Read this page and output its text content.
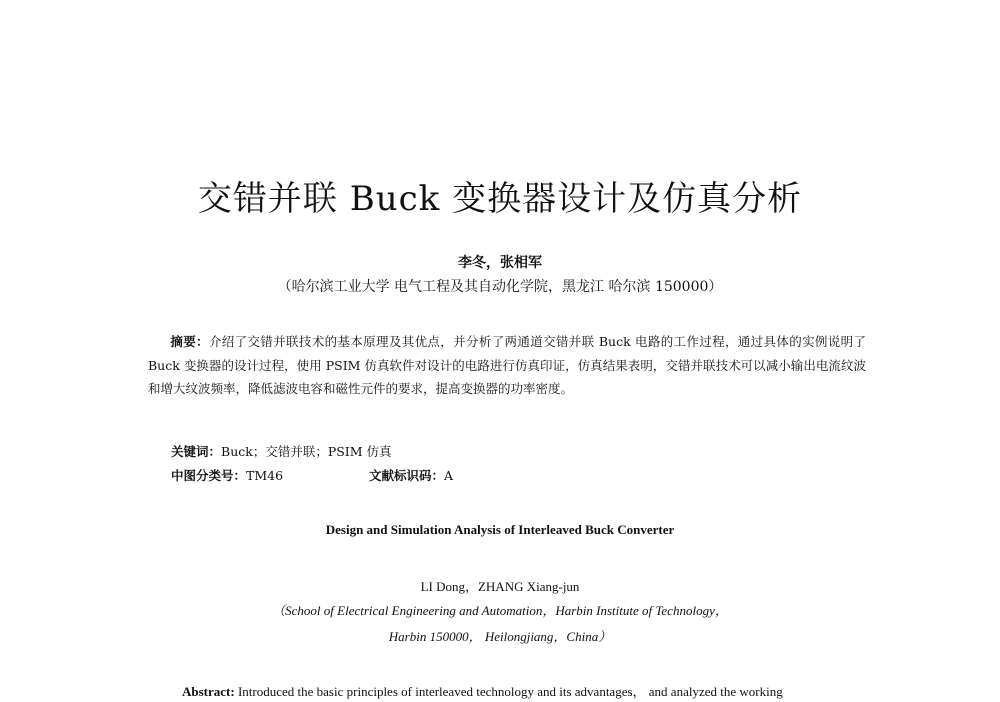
交错并联 Buck 变换器设计及仿真分析
李冬，张相军
（哈尔滨工业大学 电气工程及其自动化学院，黑龙江 哈尔滨 150000）
摘要：介绍了交错并联技术的基本原理及其优点，并分析了两通道交错并联 Buck 电路的工作过程，通过具体的实例说明了 Buck 变换器的设计过程，使用 PSIM 仿真软件对设计的电路进行仿真印证，仿真结果表明，交错并联技术可以减小输出电流纹波和增大纹波频率，降低滤波电容和磁性元件的要求，提高变换器的功率密度。
关键词：Buck；交错并联；PSIM 仿真
中图分类号：TM46	文献标识码：A
Design and Simulation Analysis of Interleaved Buck Converter
LI Dong，ZHANG Xiang-jun
（School of Electrical Engineering and Automation，Harbin Institute of Technology，
Harbin 150000， Heilongjiang，China）
Abstract: Introduced the basic principles of interleaved technology and its advantages， and analyzed the working
